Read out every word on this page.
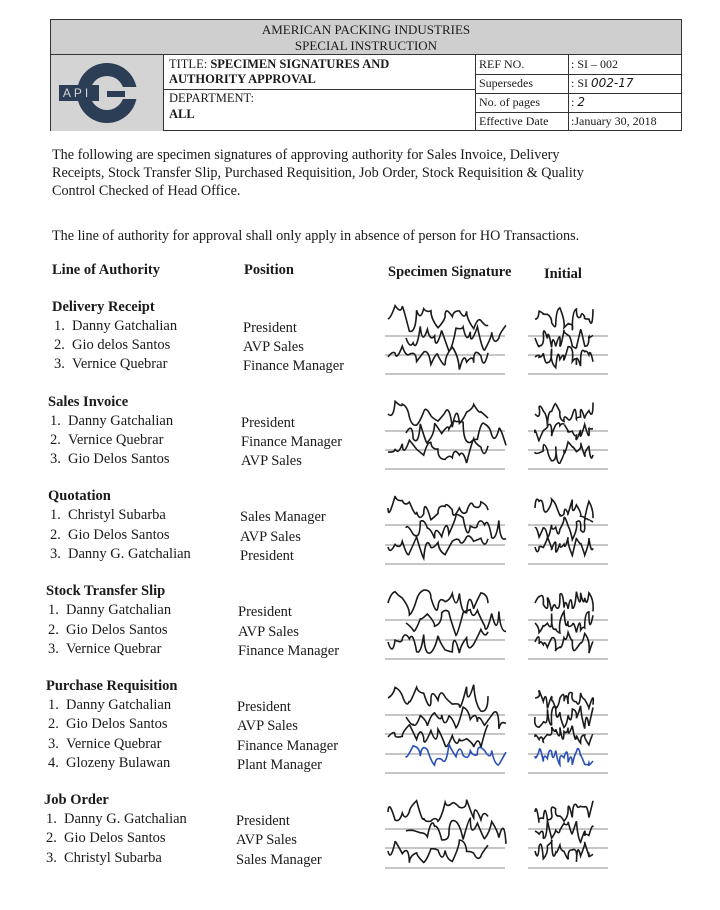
AMERICAN PACKING INDUSTRIES
SPECIAL INSTRUCTION
API
TITLE: SPECIMEN SIGNATURES AND
AUTHORITY APPROVAL
DEPARTMENT:
ALL
REF NO.	: SI – 002
Supersedes	: SI 002-17
No. of pages	: 2
Effective Date :January 30, 2018
The following are specimen signatures of approving authority for Sales Invoice, Delivery
Receipts, Stock Transfer Slip, Purchased Requisition, Job Order, Stock Requisition & Quality
Control Checked of Head Office.
The line of authority for approval shall only apply in absence of person for HO Transactions.
Line of Authority	Position	Specimen Signature Initial
Delivery Receipt
1. Danny Gatchalian	President
2. Gio delos Santos	AVP Sales
3. Vernice Quebrar	Finance Manager
Sales Invoice
1. Danny Gatchalian	President
2. Vernice Quebrar	Finance Manager
3. Gio Delos Santos	AVP Sales
Quotation
1. Christyl Subarba	Sales Manager
2. Gio Delos Santos	AVP Sales
3. Danny G. Gatchalian	President
Stock Transfer Slip
1. Danny Gatchalian	President
2. Gio Delos Santos	AVP Sales
3. Vernice Quebrar	Finance Manager
Purchase Requisition
1. Danny Gatchalian	President
2. Gio Delos Santos	AVP Sales
3. Vernice Quebrar	Finance Manager
4. Glozeny Bulawan	Plant Manager
Job Order
1. Danny G. Gatchalian	President
2. Gio Delos Santos	AVP Sales
3. Christyl Subarba	Sales Manager
